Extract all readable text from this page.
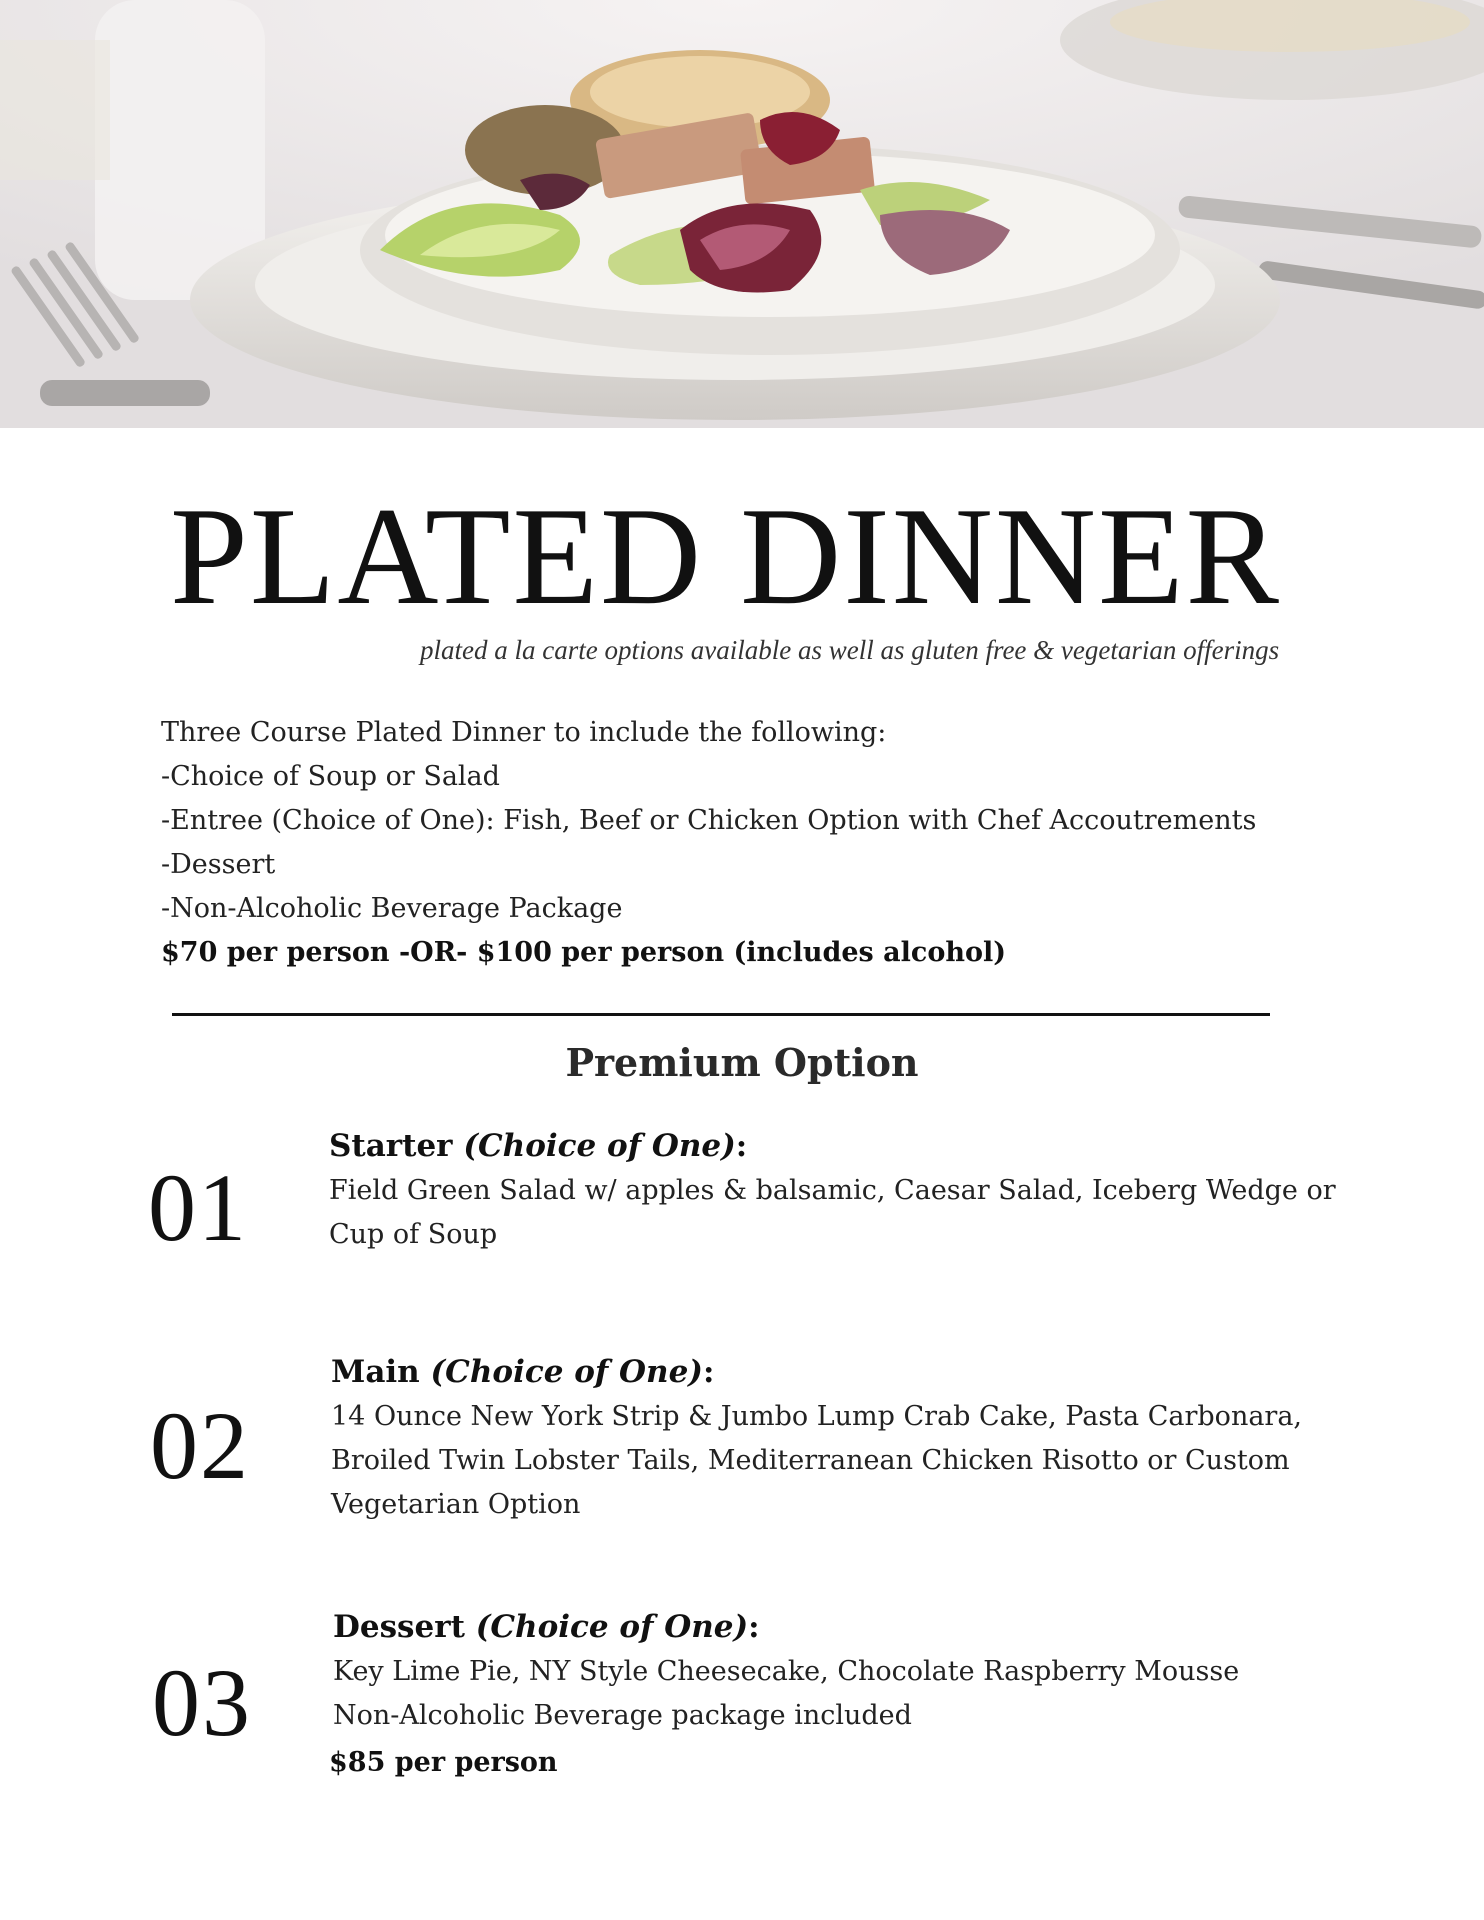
PLATED DINNER
plated a la carte options available as well as gluten free & vegetarian offerings
Three Course Plated Dinner to include the following:
-Choice of Soup or Salad
-Entree (Choice of One): Fish, Beef or Chicken Option with Chef Accoutrements
-Dessert
-Non-Alcoholic Beverage Package
$70 per person -OR- $100 per person (includes alcohol)
Premium Option
01
Starter (Choice of One):
Field Green Salad w/ apples & balsamic, Caesar Salad, Iceberg Wedge or
Cup of Soup
02
Main (Choice of One):
14 Ounce New York Strip & Jumbo Lump Crab Cake, Pasta Carbonara,
Broiled Twin Lobster Tails, Mediterranean Chicken Risotto or Custom
Vegetarian Option
03
Dessert (Choice of One):
Key Lime Pie, NY Style Cheesecake, Chocolate Raspberry Mousse
Non-Alcoholic Beverage package included
$85 per person
